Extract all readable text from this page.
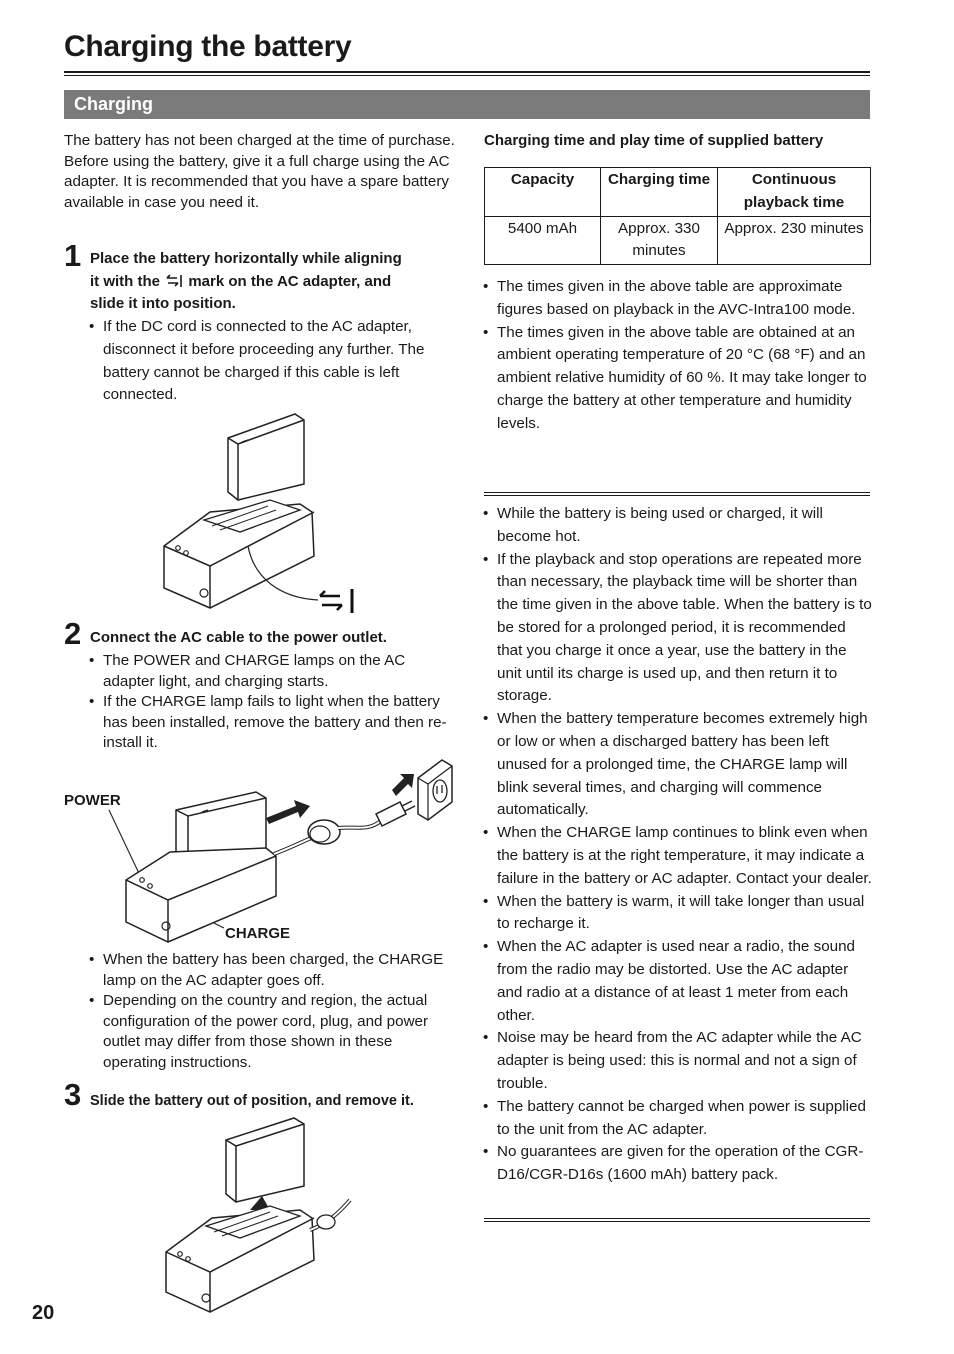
Charging the battery
Charging
The battery has not been charged at the time of purchase.
Before using the battery, give it a full charge using the AC adapter. It is recommended that you have a spare battery available in case you need it.
1 Place the battery horizontally while aligning
it with the mark on the AC adapter, and
slide it into position.
• If the DC cord is connected to the AC adapter, disconnect it before proceeding any further. The battery cannot be charged if this cable is left connected.
2 Connect the AC cable to the power outlet.
• The POWER and CHARGE lamps on the AC adapter light, and charging starts.
• If the CHARGE lamp fails to light when the battery has been installed, remove the battery and then re-install it.
POWER
CHARGE
• When the battery has been charged, the CHARGE lamp on the AC adapter goes off.
• Depending on the country and region, the actual configuration of the power cord, plug, and power outlet may differ from those shown in these operating instructions.
3 Slide the battery out of position, and remove it.
Charging time and play time of supplied battery
Capacity	Charging time	Continuous playback time
5400 mAh	Approx. 330 minutes	Approx. 230 minutes
• The times given in the above table are approximate figures based on playback in the AVC-Intra100 mode.
• The times given in the above table are obtained at an ambient operating temperature of 20 °C (68 °F) and an ambient relative humidity of 60 %. It may take longer to charge the battery at other temperature and humidity levels.
• While the battery is being used or charged, it will become hot.
• If the playback and stop operations are repeated more than necessary, the playback time will be shorter than the time given in the above table. When the battery is to be stored for a prolonged period, it is recommended that you charge it once a year, use the battery in the unit until its charge is used up, and then return it to storage.
• When the battery temperature becomes extremely high or low or when a discharged battery has been left unused for a prolonged time, the CHARGE lamp will blink several times, and charging will commence automatically.
• When the CHARGE lamp continues to blink even when the battery is at the right temperature, it may indicate a failure in the battery or AC adapter. Contact your dealer.
• When the battery is warm, it will take longer than usual to recharge it.
• When the AC adapter is used near a radio, the sound from the radio may be distorted. Use the AC adapter and radio at a distance of at least 1 meter from each other.
• Noise may be heard from the AC adapter while the AC adapter is being used: this is normal and not a sign of trouble.
• The battery cannot be charged when power is supplied to the unit from the AC adapter.
• No guarantees are given for the operation of the CGR-D16/CGR-D16s (1600 mAh) battery pack.
20
